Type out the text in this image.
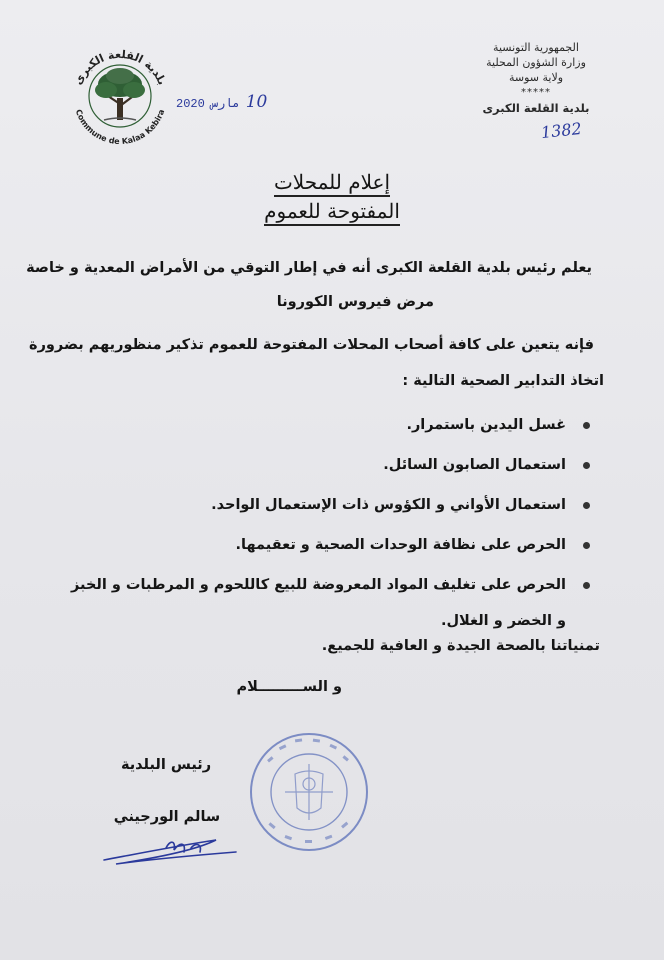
الجمهورية التونسية
وزارة الشؤون المحلية
ولاية سوسة
*****
بلدية القلعة الكبرى
1382
بلدية القلعة الكبرى
Commune de Kalaa Kebira
2020 مارس 10
إعلام للمحلات
المفتوحة للعموم
يعلم رئيس بلدية القلعة الكبرى أنه في إطار التوقي من الأمراض المعدية و خاصة
مرض فيروس الكورونا
فإنه يتعين على كافة أصحاب المحلات المفتوحة للعموم تذكير منظوريهم بضرورة
اتخاذ التدابير الصحية التالية :
غسل اليدين باستمرار.
استعمال الصابون السائل.
استعمال الأواني و الكؤوس ذات الإستعمال الواحد.
الحرص على نظافة الوحدات الصحية و تعقيمها.
الحرص على تغليف المواد المعروضة للبيع كاللحوم و المرطبات و الخبز
و الخضر و الغلال.
تمنياتنا بالصحة الجيدة و العافية للجميع.
و الســـــــــلام
رئيس البلدية
سالم الورجيني
